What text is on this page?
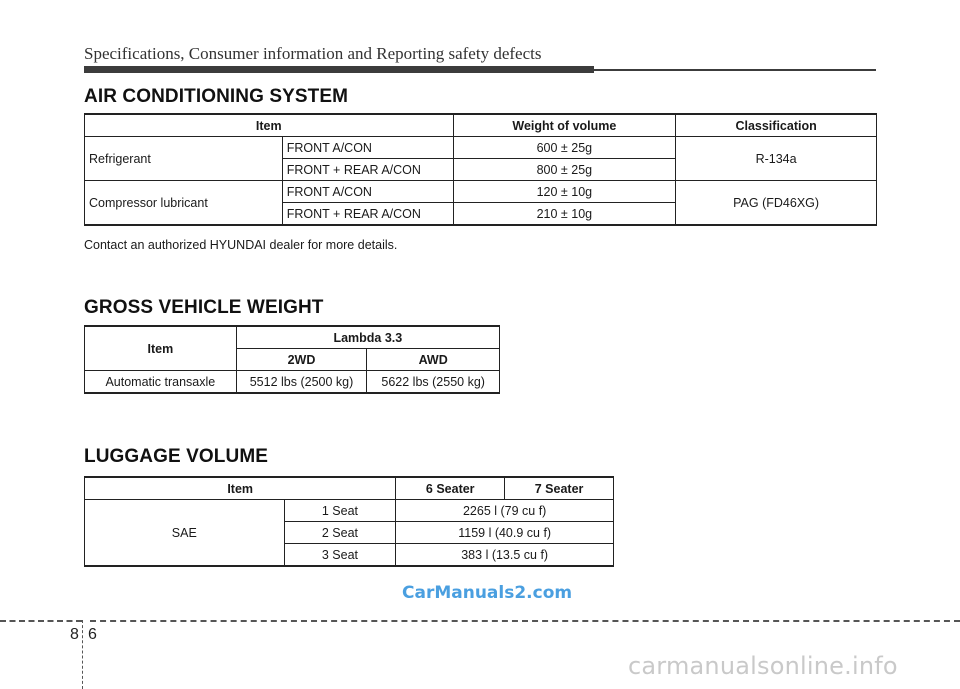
Specifications, Consumer information and Reporting safety defects
AIR CONDITIONING SYSTEM
Item		Weight of volume	Classification
Refrigerant	FRONT A/CON	600 ± 25g	R-134a
	FRONT + REAR A/CON	800 ± 25g	
Compressor lubricant	FRONT A/CON	120 ± 10g	PAG (FD46XG)
	FRONT + REAR A/CON	210 ± 10g	
Contact an authorized HYUNDAI dealer for more details.
GROSS VEHICLE WEIGHT
Item	Lambda 3.3	
	2WD	AWD
Automatic transaxle	5512 lbs (2500 kg)	5622 lbs (2550 kg)
LUGGAGE VOLUME
Item		6 Seater	7 Seater
SAE	1 Seat	2265 l (79 cu f)	
	2 Seat	1159 l (40.9 cu f)	
	3 Seat	383 l (13.5 cu f)	
CarManuals2.com
8 6
carmanualsonline.info
